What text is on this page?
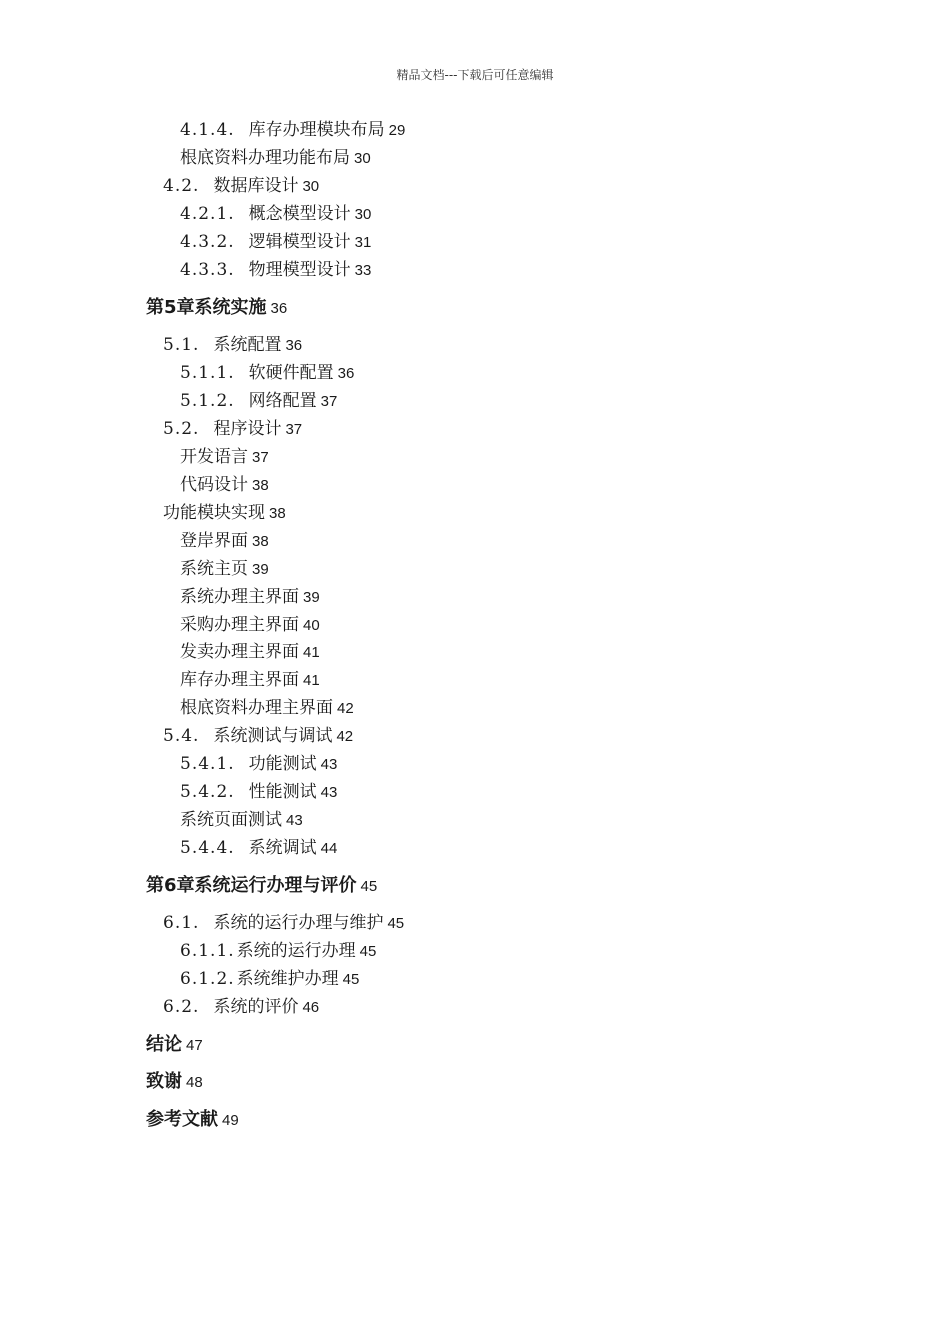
精品文档---下载后可任意编辑
4.1.4. 库存办理模块布局 29
根底资料办理功能布局 30
4.2. 数据库设计 30
4.2.1. 概念模型设计 30
4.3.2. 逻辑模型设计 31
4.3.3. 物理模型设计 33
第5章系统实施 36
5.1. 系统配置 36
5.1.1. 软硬件配置 36
5.1.2. 网络配置 37
5.2. 程序设计 37
开发语言 37
代码设计 38
功能模块实现 38
登岸界面 38
系统主页 39
系统办理主界面 39
采购办理主界面 40
发卖办理主界面 41
库存办理主界面 41
根底资料办理主界面 42
5.4. 系统测试与调试 42
5.4.1. 功能测试 43
5.4.2. 性能测试 43
系统页面测试 43
5.4.4. 系统调试 44
第6章系统运行办理与评价 45
6.1. 系统的运行办理与维护 45
6.1.1. 系统的运行办理 45
6.1.2. 系统维护办理 45
6.2. 系统的评价 46
结论 47
致谢 48
参考文献 49
